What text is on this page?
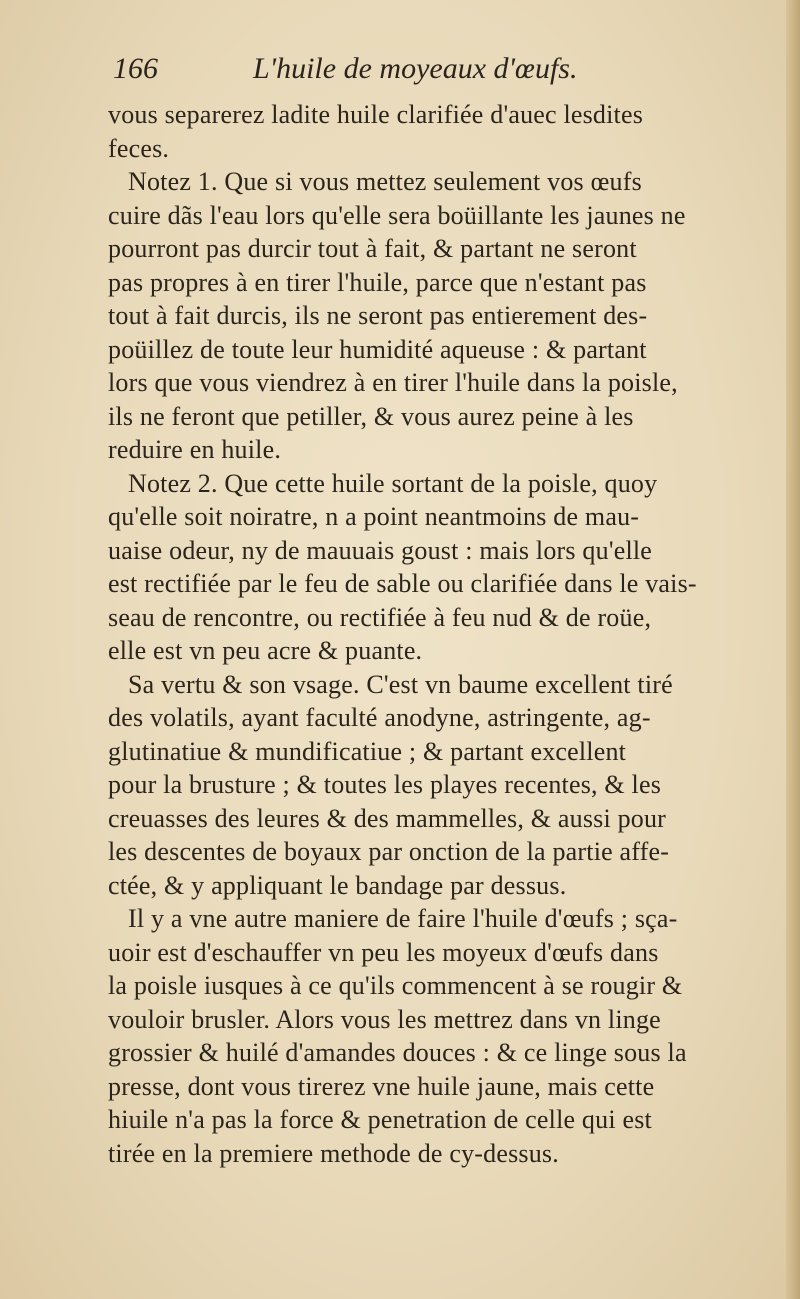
166	L'huile de moyeaux d'œufs.
vous separerez ladite huile clarifiée d'auec lesdites
feces.
Notez 1. Que si vous mettez seulement vos œufs
cuire dãs l'eau lors qu'elle sera boüillante les jaunes ne
pourront pas durcir tout à fait, & partant ne seront
pas propres à en tirer l'huile, parce que n'estant pas
tout à fait durcis, ils ne seront pas entierement des-
poüillez de toute leur humidité aqueuse : & partant
lors que vous viendrez à en tirer l'huile dans la poisle,
ils ne feront que petiller, & vous aurez peine à les
reduire en huile.
Notez 2. Que cette huile sortant de la poisle, quoy
qu'elle soit noiratre, n a point neantmoins de mau-
uaise odeur, ny de mauuais goust : mais lors qu'elle
est rectifiée par le feu de sable ou clarifiée dans le vais-
seau de rencontre, ou rectifiée à feu nud & de roüe,
elle est vn peu acre & puante.
Sa vertu & son vsage. C'est vn baume excellent tiré
des volatils, ayant faculté anodyne, astringente, ag-
glutinatiue & mundificatiue ; & partant excellent
pour la brusture ; & toutes les playes recentes, & les
creuasses des leures & des mammelles, & aussi pour
les descentes de boyaux par onction de la partie affe-
ctée, & y appliquant le bandage par dessus.
Il y a vne autre maniere de faire l'huile d'œufs ; sça-
uoir est d'eschauffer vn peu les moyeux d'œufs dans
la poisle iusques à ce qu'ils commencent à se rougir &
vouloir brusler. Alors vous les mettrez dans vn linge
grossier & huilé d'amandes douces : & ce linge sous la
presse, dont vous tirerez vne huile jaune, mais cette
hiuile n'a pas la force & penetration de celle qui est
tirée en la premiere methode de cy-dessus.
